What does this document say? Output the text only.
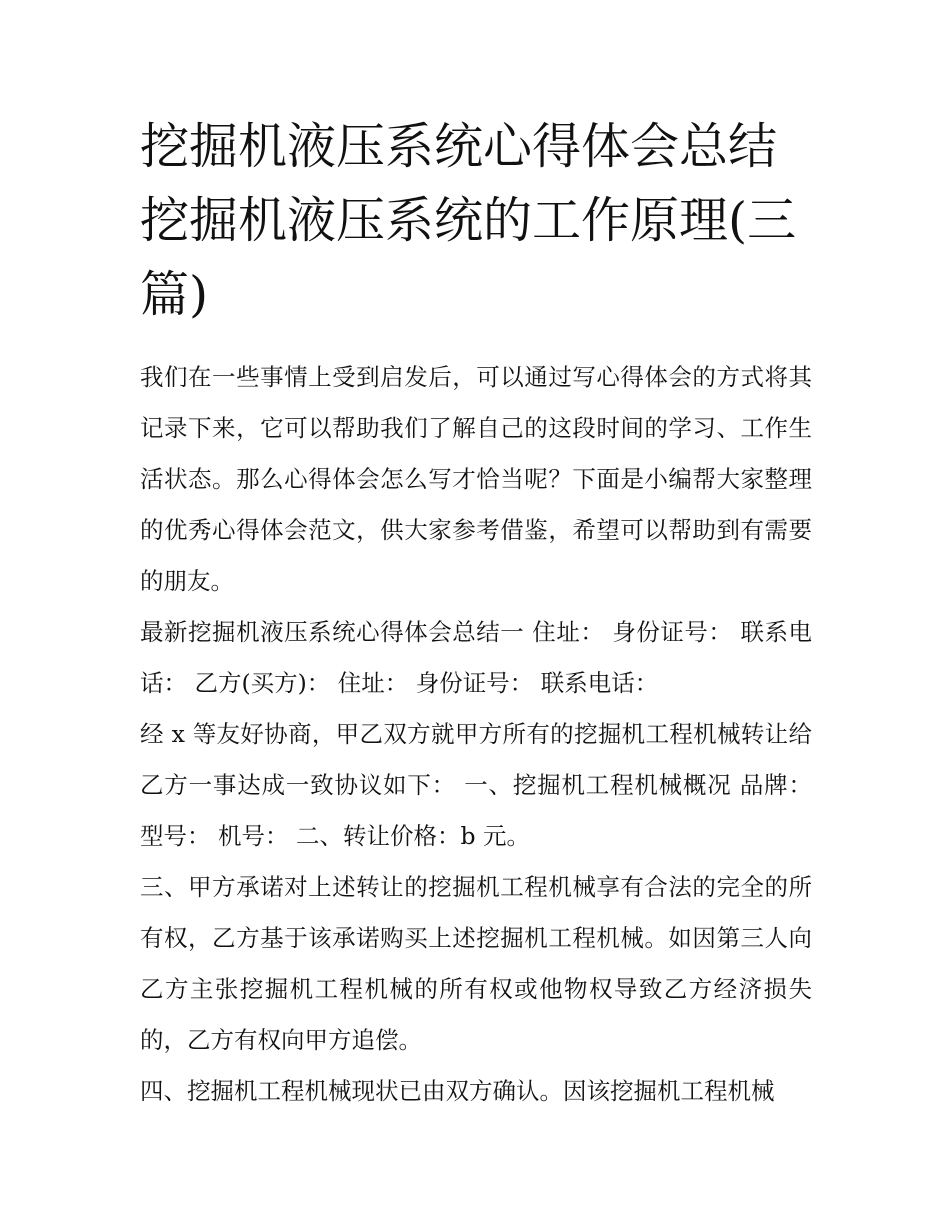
挖掘机液压系统心得体会总结 挖掘机液压系统的工作原理(三篇)

我们在一些事情上受到启发后，可以通过写心得体会的方式将其记录下来，它可以帮助我们了解自己的这段时间的学习、工作生活状态。那么心得体会怎么写才恰当呢？下面是小编帮大家整理的优秀心得体会范文，供大家参考借鉴，希望可以帮助到有需要的朋友。

最新挖掘机液压系统心得体会总结一 住址： 身份证号： 联系电话： 乙方(买方)： 住址： 身份证号： 联系电话：

经 x 等友好协商，甲乙双方就甲方所有的挖掘机工程机械转让给乙方一事达成一致协议如下： 一、挖掘机工程机械概况 品牌： 型号： 机号： 二、转让价格：b 元。

三、甲方承诺对上述转让的挖掘机工程机械享有合法的完全的所有权，乙方基于该承诺购买上述挖掘机工程机械。如因第三人向乙方主张挖掘机工程机械的所有权或他物权导致乙方经济损失的，乙方有权向甲方追偿。

四、挖掘机工程机械现状已由双方确认。因该挖掘机工程机械
